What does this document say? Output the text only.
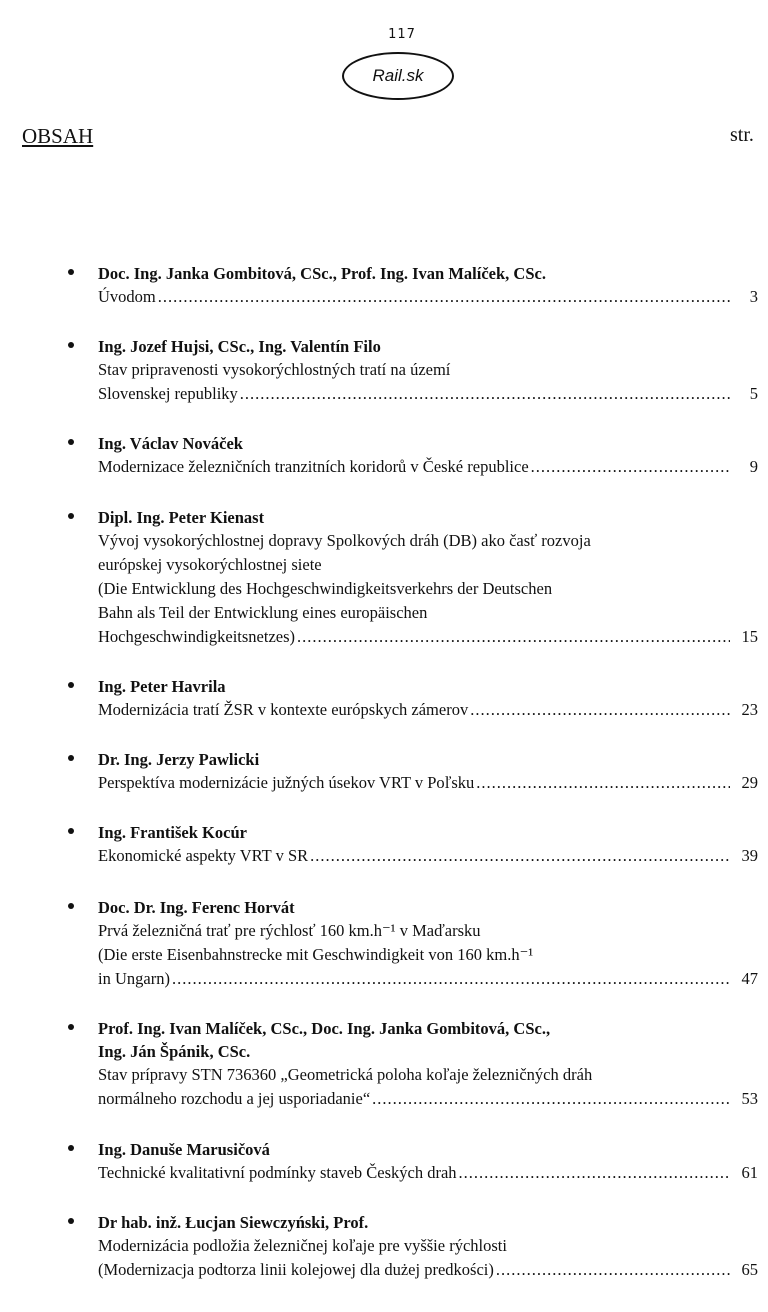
117
Rail.sk
OBSAH	str.
Doc. Ing. Janka Gombitová, CSc., Prof. Ing. Ivan Malíček, CSc.
Úvodom .....	3
Ing. Jozef Hujsi, CSc., Ing. Valentín Filo
Stav pripravenosti vysokorýchlostných tratí na území
Slovenskej republiky .....	5
Ing. Václav Nováček
Modernizace železničních tranzitních koridorů v České republice .....	9
Dipl. Ing. Peter Kienast
Vývoj vysokorýchlostnej dopravy Spolkových dráh (DB) ako časť rozvoja
európskej vysokorýchlostnej siete
(Die Entwicklung des Hochgeschwindigkeitsverkehrs der Deutschen
Bahn als Teil der Entwicklung eines europäischen
Hochgeschwindigkeitsnetzes) .....	15
Ing. Peter Havrila
Modernizácia tratí ŽSR v kontexte európskych zámerov .....	23
Dr. Ing. Jerzy Pawlicki
Perspektíva modernizácie južných úsekov VRT v Poľsku .....	29
Ing. František Kocúr
Ekonomické aspekty VRT v SR .....	39
Doc. Dr. Ing. Ferenc Horvát
Prvá železničná trať pre rýchlosť 160 km.h⁻¹ v Maďarsku
(Die erste Eisenbahnstrecke mit Geschwindigkeit von 160 km.h⁻¹
in Ungarn) .....	47
Prof. Ing. Ivan Malíček, CSc., Doc. Ing. Janka Gombitová, CSc.,
Ing. Ján Špánik, CSc.
Stav prípravy STN 736360 „Geometrická poloha koľaje železničných dráh
normálneho rozchodu a jej usporiadanie“ .....	53
Ing. Danuše Marusičová
Technické kvalitativní podmínky staveb Českých drah .....	61
Dr hab. inž. Łucjan Siewczyński, Prof.
Modernizácia podložia železničnej koľaje pre vyššie rýchlosti
(Modernizacja podtorza linii kolejowej dla dużej predkości) .....	65
